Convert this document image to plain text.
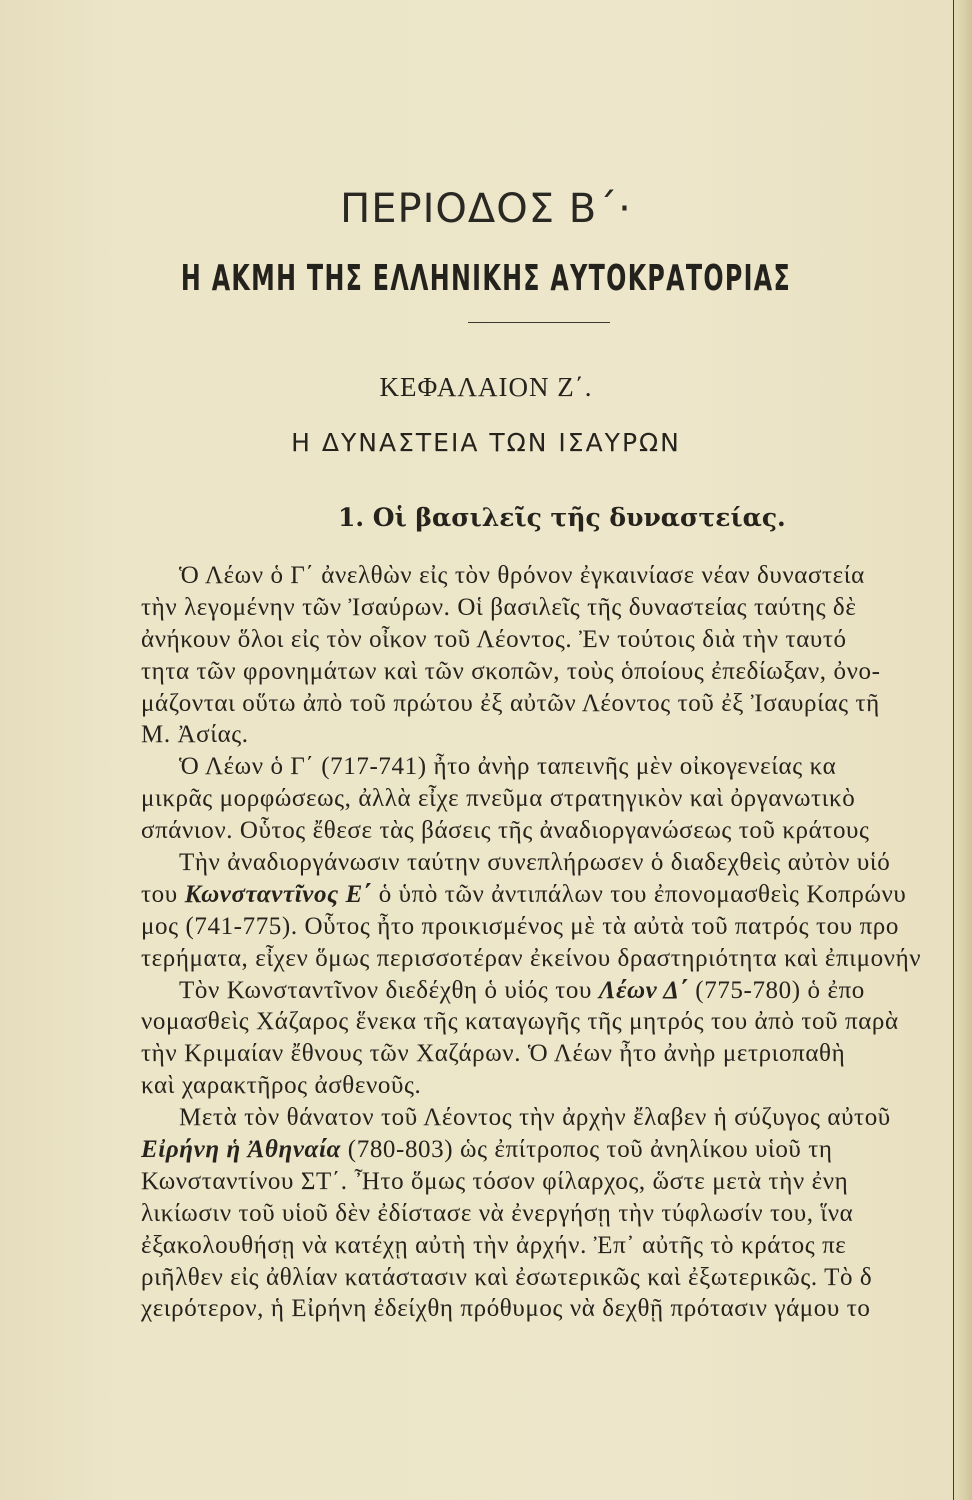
ΠΕΡΙΟΔΟΣ Β΄·
Η ΑΚΜΗ ΤΗΣ ΕΛΛΗΝΙΚΗΣ ΑΥΤΟΚΡΑΤΟΡΙΑΣ
ΚΕΦΑΛΑΙΟΝ Ζ΄.
Η ΔΥΝΑΣΤΕΙΑ ΤΩΝ ΙΣΑΥΡΩΝ
1. Οἱ βασιλεῖς τῆς δυναστείας.
Ὁ Λέων ὁ Γ΄ ἀνελθὼν εἰς τὸν θρόνον ἐγκαινίασε νέαν δυναστεία
τὴν λεγομένην τῶν Ἰσαύρων. Οἱ βασιλεῖς τῆς δυναστείας ταύτης δὲ
ἀνήκουν ὅλοι εἰς τὸν οἶκον τοῦ Λέοντος. Ἐν τούτοις διὰ τὴν ταυτό
τητα τῶν φρονημάτων καὶ τῶν σκοπῶν, τοὺς ὁποίους ἐπεδίωξαν, ὀνο-
μάζονται οὕτω ἀπὸ τοῦ πρώτου ἐξ αὐτῶν Λέοντος τοῦ ἐξ Ἰσαυρίας τῆ
Μ. Ἀσίας.
Ὁ Λέων ὁ Γ΄ (717-741) ἦτο ἀνὴρ ταπεινῆς μὲν οἰκογενείας κα
μικρᾶς μορφώσεως, ἀλλὰ εἶχε πνεῦμα στρατηγικὸν καὶ ὀργανωτικὸ
σπάνιον. Οὗτος ἔθεσε τὰς βάσεις τῆς ἀναδιοργανώσεως τοῦ κράτους
Τὴν ἀναδιοργάνωσιν ταύτην συνεπλήρωσεν ὁ διαδεχθεὶς αὐτὸν υἱό
του Κωνσταντῖνος Ε΄ ὁ ὑπὸ τῶν ἀντιπάλων του ἐπονομασθεὶς Κοπρώνυ
μος (741-775). Οὗτος ἦτο προικισμένος μὲ τὰ αὐτὰ τοῦ πατρός του προ
τερήματα, εἶχεν ὅμως περισσοτέραν ἐκείνου δραστηριότητα καὶ ἐπιμονήν
Τὸν Κωνσταντῖνον διεδέχθη ὁ υἱός του Λέων Δ΄ (775-780) ὁ ἐπο
νομασθεὶς Χάζαρος ἕνεκα τῆς καταγωγῆς τῆς μητρός του ἀπὸ τοῦ παρὰ
τὴν Κριμαίαν ἔθνους τῶν Χαζάρων. Ὁ Λέων ἦτο ἀνὴρ μετριοπαθὴ
καὶ χαρακτῆρος ἀσθενοῦς.
Μετὰ τὸν θάνατον τοῦ Λέοντος τὴν ἀρχὴν ἔλαβεν ἡ σύζυγος αὐτοῦ
Εἰρήνη ἡ Ἀθηναία (780-803) ὡς ἐπίτροπος τοῦ ἀνηλίκου υἱοῦ τη
Κωνσταντίνου ΣΤ΄. Ἦτο ὅμως τόσον φίλαρχος, ὥστε μετὰ τὴν ἐνη
λικίωσιν τοῦ υἱοῦ δὲν ἐδίστασε νὰ ἐνεργήσῃ τὴν τύφλωσίν του, ἵνα
ἐξακολουθήσῃ νὰ κατέχῃ αὐτὴ τὴν ἀρχήν. Ἐπ᾽ αὐτῆς τὸ κράτος πε
ριῆλθεν εἰς ἀθλίαν κατάστασιν καὶ ἐσωτερικῶς καὶ ἐξωτερικῶς. Τὸ δ
χειρότερον, ἡ Εἰρήνη ἐδείχθη πρόθυμος νὰ δεχθῇ πρότασιν γάμου το
